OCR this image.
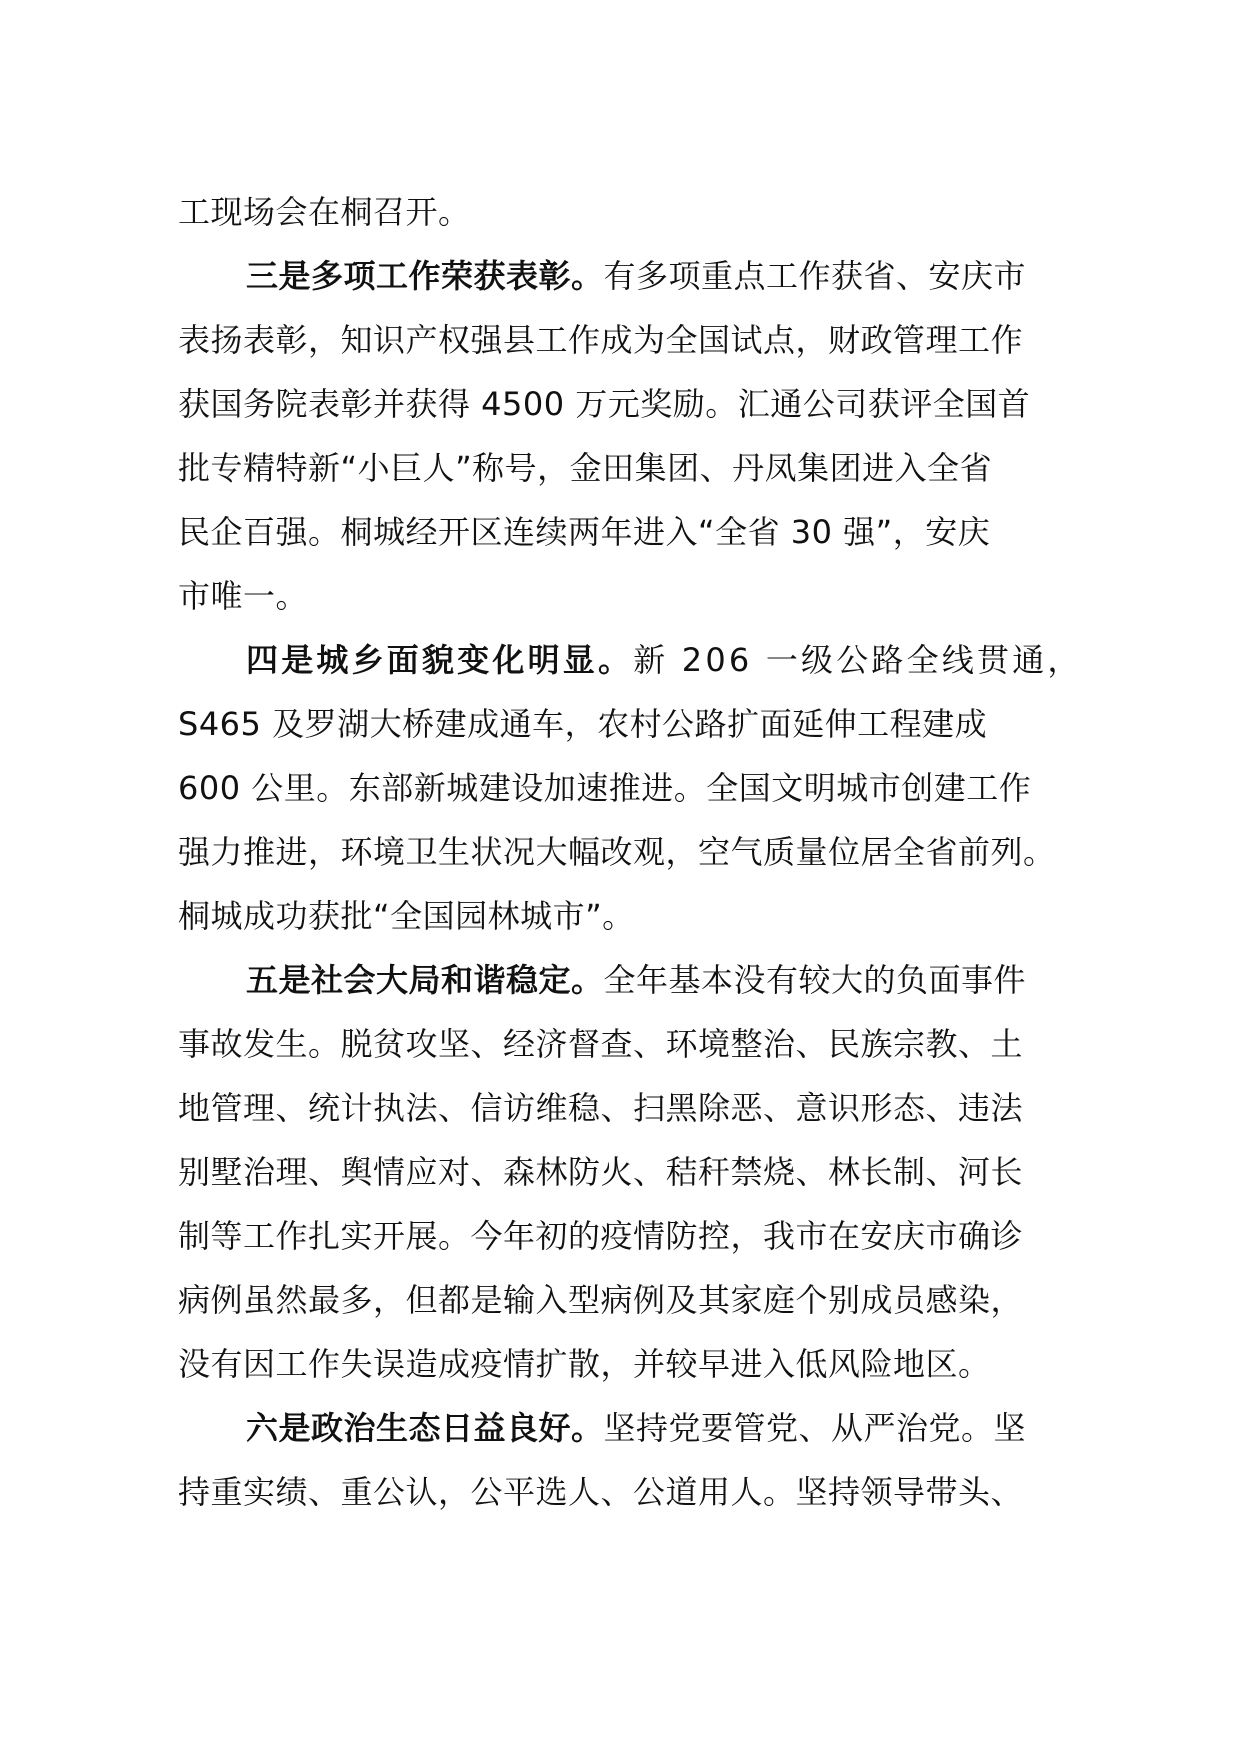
工现场会在桐召开。
三是多项工作荣获表彰。有多项重点工作获省、安庆市
表扬表彰，知识产权强县工作成为全国试点，财政管理工作
获国务院表彰并获得 4500 万元奖励。汇通公司获评全国首
批专精特新“小巨人”称号，金田集团、丹凤集团进入全省
民企百强。桐城经开区连续两年进入“全省 30 强”，安庆
市唯一。
四是城乡面貌变化明显。新 206 一级公路全线贯通，
S465 及罗湖大桥建成通车，农村公路扩面延伸工程建成
600 公里。东部新城建设加速推进。全国文明城市创建工作
强力推进，环境卫生状况大幅改观，空气质量位居全省前列。
桐城成功获批“全国园林城市”。
五是社会大局和谐稳定。全年基本没有较大的负面事件
事故发生。脱贫攻坚、经济督查、环境整治、民族宗教、土
地管理、统计执法、信访维稳、扫黑除恶、意识形态、违法
别墅治理、舆情应对、森林防火、秸秆禁烧、林长制、河长
制等工作扎实开展。今年初的疫情防控，我市在安庆市确诊
病例虽然最多，但都是输入型病例及其家庭个别成员感染，
没有因工作失误造成疫情扩散，并较早进入低风险地区。
六是政治生态日益良好。坚持党要管党、从严治党。坚
持重实绩、重公认，公平选人、公道用人。坚持领导带头、
